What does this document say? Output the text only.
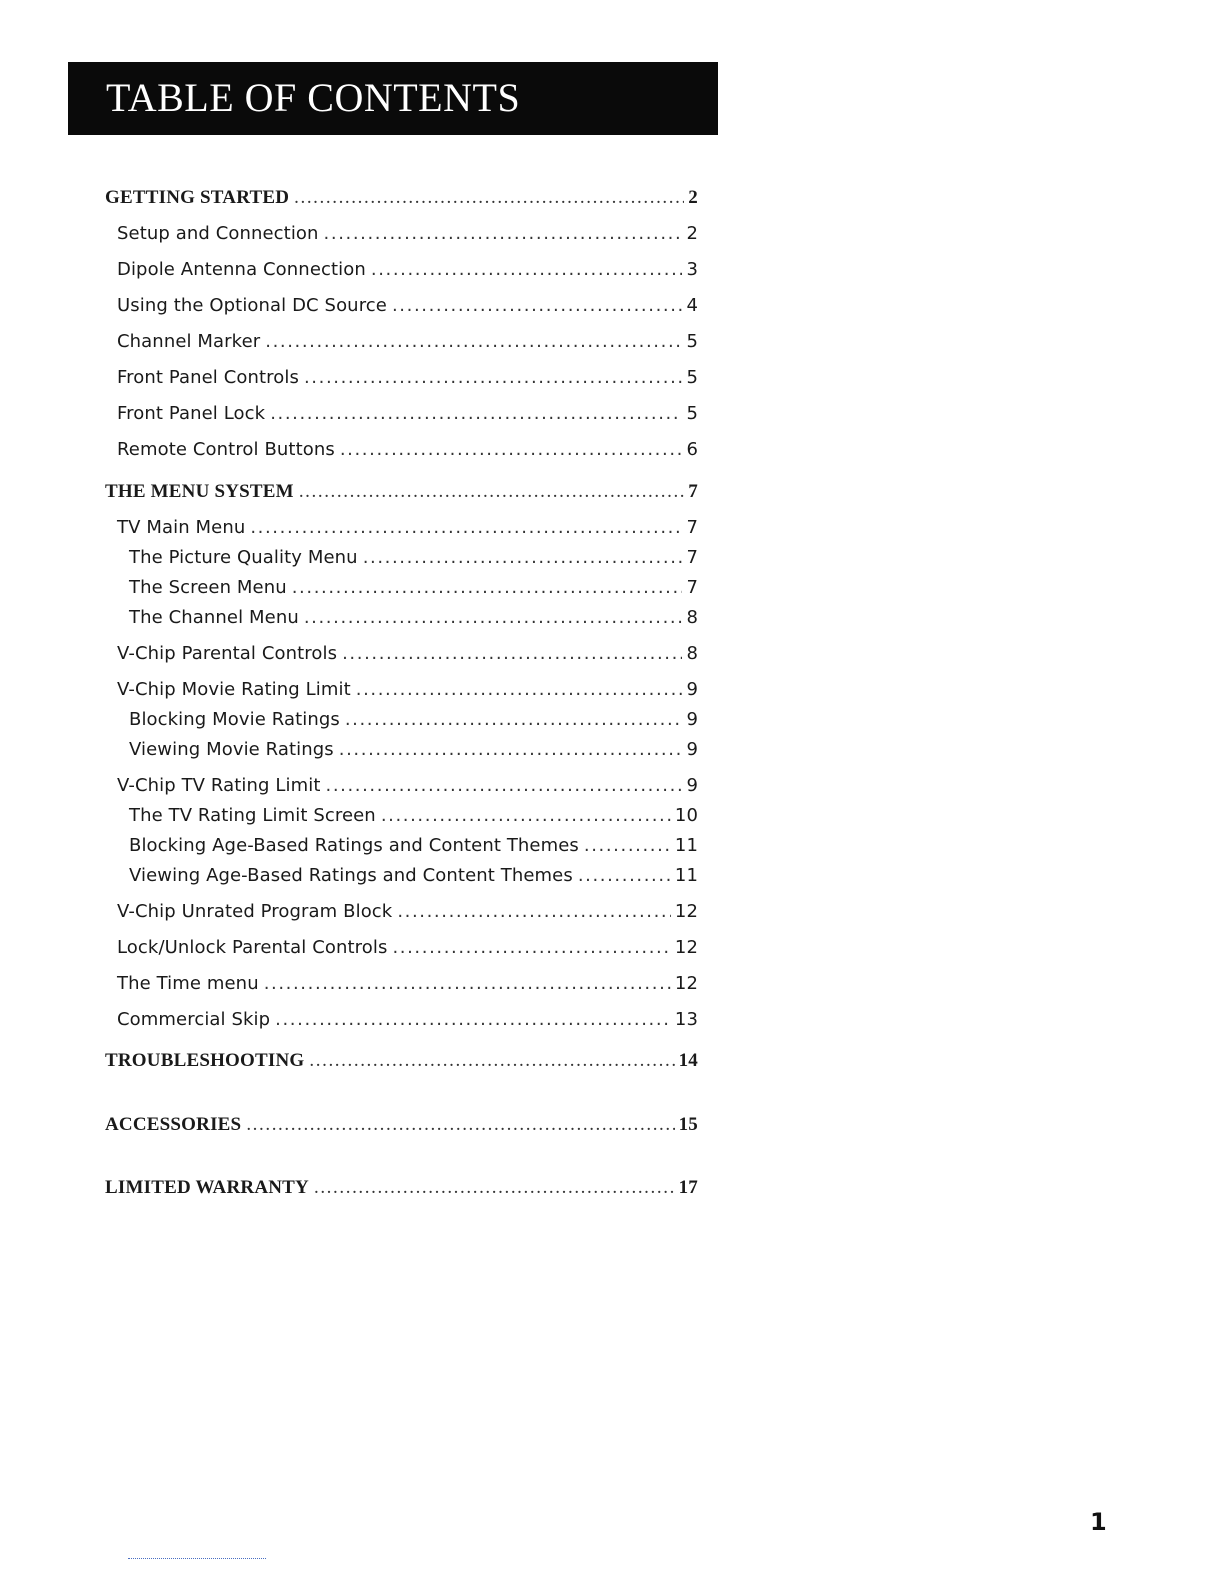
TABLE OF CONTENTS
GETTING STARTED .....	2
Setup and Connection .....	2
Dipole Antenna Connection .....	3
Using the Optional DC Source .....	4
Channel Marker .....	5
Front Panel Controls .....	5
Front Panel Lock .....	5
Remote Control Buttons .....	6
THE MENU SYSTEM .....	7
TV Main Menu .....	7
The Picture Quality Menu .....	7
The Screen Menu .....	7
The Channel Menu .....	8
V-Chip Parental Controls .....	8
V-Chip Movie Rating Limit .....	9
Blocking Movie Ratings .....	9
Viewing Movie Ratings .....	9
V-Chip TV Rating Limit .....	9
The TV Rating Limit Screen .....	10
Blocking Age-Based Ratings and Content Themes .....	11
Viewing Age-Based Ratings and Content Themes .....	11
V-Chip Unrated Program Block .....	12
Lock/Unlock Parental Controls .....	12
The Time menu .....	12
Commercial Skip .....	13
TROUBLESHOOTING .....	14
ACCESSORIES .....	15
LIMITED WARRANTY .....	17
1
